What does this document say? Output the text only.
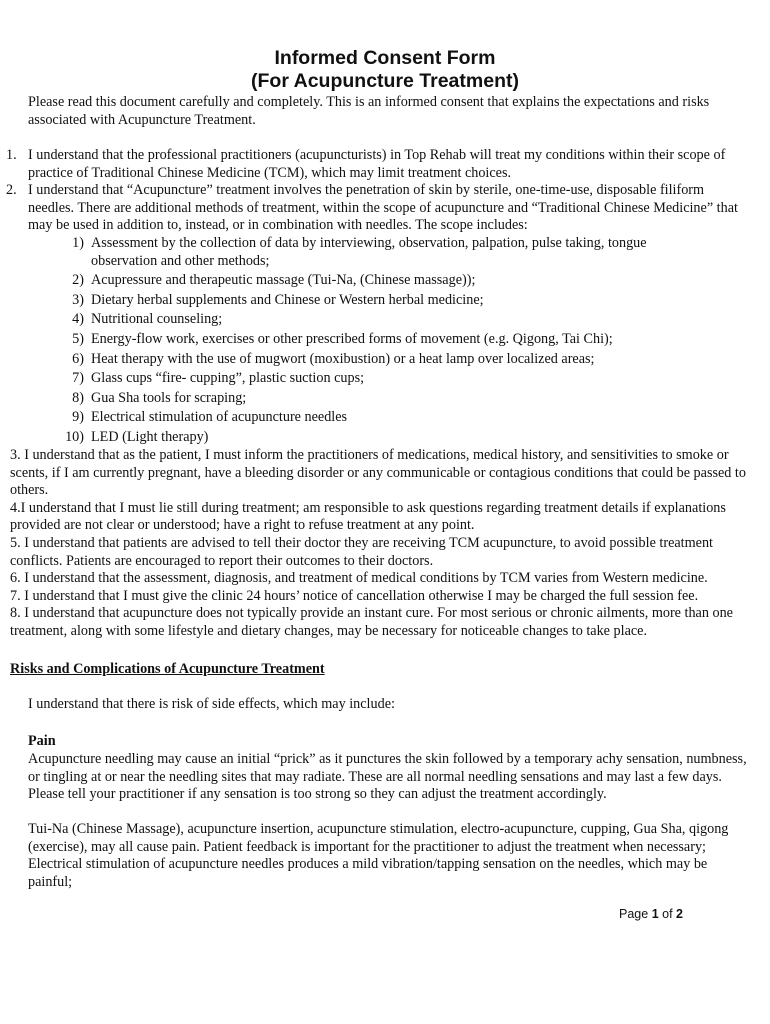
Informed Consent Form
(For Acupuncture Treatment)
Please read this document carefully and completely. This is an informed consent that explains the expectations and risks associated with Acupuncture Treatment.
1. I understand that the professional practitioners (acupuncturists) in Top Rehab will treat my conditions within their scope of practice of Traditional Chinese Medicine (TCM), which may limit treatment choices.
2. I understand that “Acupuncture” treatment involves the penetration of skin by sterile, one-time-use, disposable filiform needles. There are additional methods of treatment, within the scope of acupuncture and “Traditional Chinese Medicine” that may be used in addition to, instead, or in combination with needles. The scope includes:
1) Assessment by the collection of data by interviewing, observation, palpation, pulse taking, tongue observation and other methods;
2) Acupressure and therapeutic massage (Tui-Na, (Chinese massage));
3) Dietary herbal supplements and Chinese or Western herbal medicine;
4) Nutritional counseling;
5) Energy-flow work, exercises or other prescribed forms of movement (e.g. Qigong, Tai Chi);
6) Heat therapy with the use of mugwort (moxibustion) or a heat lamp over localized areas;
7) Glass cups “fire- cupping”, plastic suction cups;
8) Gua Sha tools for scraping;
9) Electrical stimulation of acupuncture needles
10) LED (Light therapy)

3. I understand that as the patient, I must inform the practitioners of medications, medical history, and sensitivities to smoke or scents, if I am currently pregnant, have a bleeding disorder or any communicable or contagious conditions that could be passed to others.

4.I understand that I must lie still during treatment; am responsible to ask questions regarding treatment details if explanations provided are not clear or understood; have a right to refuse treatment at any point.

5. I understand that patients are advised to tell their doctor they are receiving TCM acupuncture, to avoid possible treatment conflicts. Patients are encouraged to report their outcomes to their doctors.

6. I understand that the assessment, diagnosis, and treatment of medical conditions by TCM varies from Western medicine.

7. I understand that I must give the clinic 24 hours’ notice of cancellation otherwise I may be charged the full session fee.

8. I understand that acupuncture does not typically provide an instant cure. For most serious or chronic ailments, more than one treatment, along with some lifestyle and dietary changes, may be necessary for noticeable changes to take place.

Risks and Complications of Acupuncture Treatment
I understand that there is risk of side effects, which may include:
Pain
Acupuncture needling may cause an initial “prick” as it punctures the skin followed by a temporary achy sensation, numbness, or tingling at or near the needling sites that may radiate. These are all normal needling sensations and may last a few days. Please tell your practitioner if any sensation is too strong so they can adjust the treatment accordingly.
Tui-Na (Chinese Massage), acupuncture insertion, acupuncture stimulation, electro-acupuncture, cupping, Gua Sha, qigong (exercise), may all cause pain. Patient feedback is important for the practitioner to adjust the treatment when necessary; Electrical stimulation of acupuncture needles produces a mild vibration/tapping sensation on the needles, which may be painful;
Page 1 of 2
